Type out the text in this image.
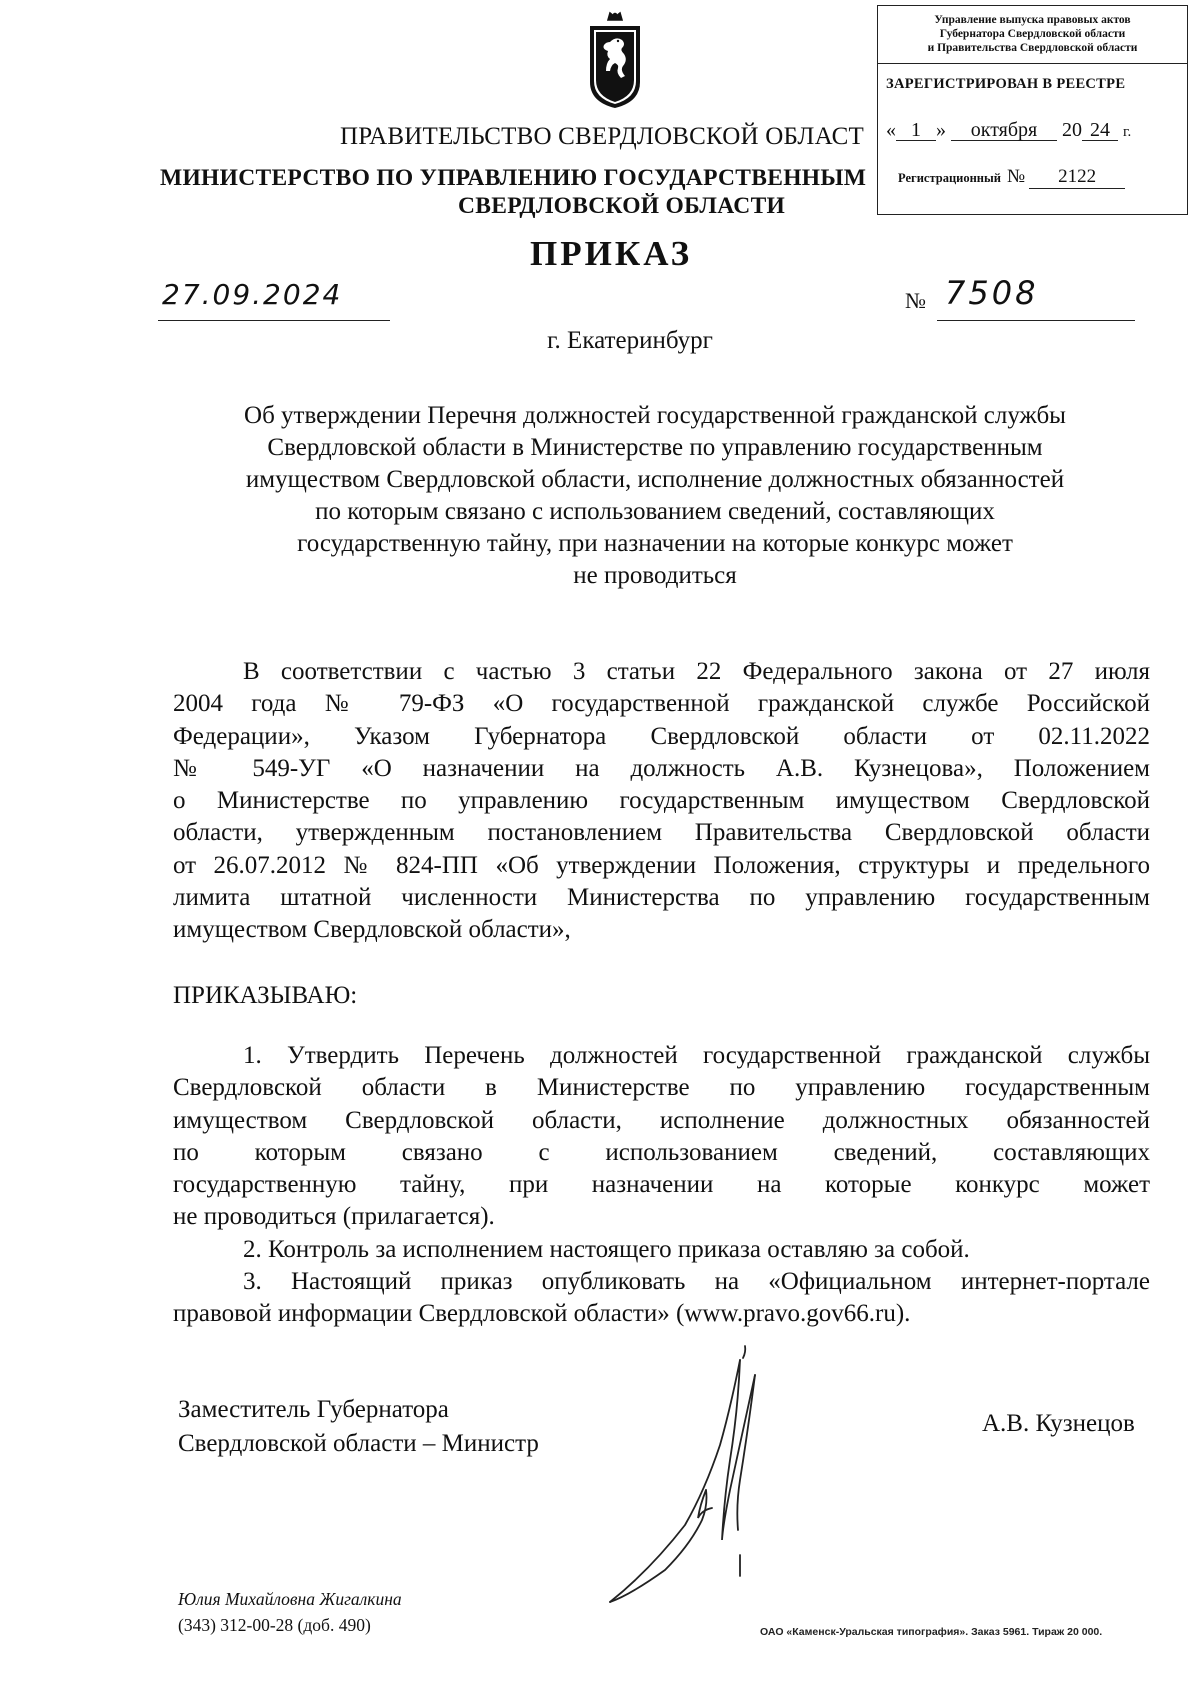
Управление выпуска правовых актов
Губернатора Свердловской области
и Правительства Свердловской области
ЗАРЕГИСТРИРОВАН В РЕЕСТРЕ
« 1 » октября 20 24 г.
Регистрационный № 2122
ПРАВИТЕЛЬСТВО СВЕРДЛОВСКОЙ ОБЛАСТ
МИНИСТЕРСТВО ПО УПРАВЛЕНИЮ ГОСУДАРСТВЕННЫМ
СВЕРДЛОВСКОЙ ОБЛАСТИ
ПРИКАЗ
27.09.2024	№ 7508
г. Екатеринбург
Об утверждении Перечня должностей государственной гражданской службы
Свердловской области в Министерстве по управлению государственным
имуществом Свердловской области, исполнение должностных обязанностей
по которым связано с использованием сведений, составляющих
государственную тайну, при назначении на которые конкурс может
не проводиться
В соответствии с частью 3 статьи 22 Федерального закона от 27 июля
2004 года № 79-ФЗ «О государственной гражданской службе Российской
Федерации», Указом Губернатора Свердловской области от 02.11.2022
№ 549-УГ «О назначении на должность А.В. Кузнецова», Положением
о Министерстве по управлению государственным имуществом Свердловской
области, утвержденным постановлением Правительства Свердловской области
от 26.07.2012 № 824-ПП «Об утверждении Положения, структуры и предельного
лимита штатной численности Министерства по управлению государственным
имуществом Свердловской области»,
ПРИКАЗЫВАЮ:
1. Утвердить Перечень должностей государственной гражданской службы
Свердловской области в Министерстве по управлению государственным
имуществом Свердловской области, исполнение должностных обязанностей
по которым связано с использованием сведений, составляющих
государственную тайну, при назначении на которые конкурс может
не проводиться (прилагается).
2. Контроль за исполнением настоящего приказа оставляю за собой.
3. Настоящий приказ опубликовать на «Официальном интернет-портале
правовой информации Свердловской области» (www.pravo.gov66.ru).
Заместитель Губернатора
Свердловской области – Министр
А.В. Кузнецов
Юлия Михайловна Жигалкина
(343) 312-00-28 (доб. 490)	ОАО «Каменск-Уральская типография». Заказ 5961. Тираж 20 000.
